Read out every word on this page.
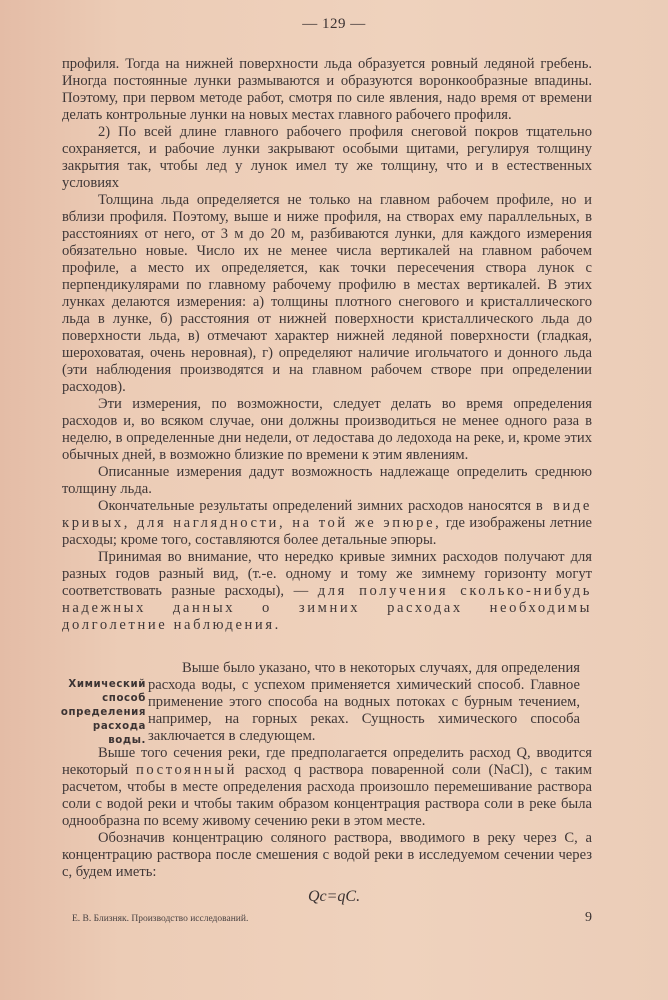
— 129 —

профиля. Тогда на нижней поверхности льда образуется ровный ледяной гребень. Иногда постоянные лунки размываются и образуются воронкообразные впадины. Поэтому, при первом методе работ, смотря по силе явления, надо время от времени делать контрольные лунки на новых местах главного рабочего профиля.

2) По всей длине главного рабочего профиля снеговой покров тщательно сохраняется, и рабочие лунки закрывают особыми щитами, регулируя толщину закрытия так, чтобы лед у лунок имел ту же толщину, что и в естественных условиях

Толщина льда определяется не только на главном рабочем профиле, но и вблизи профиля. Поэтому, выше и ниже профиля, на створах ему параллельных, в расстояниях от него, от 3 м до 20 м, разбиваются лунки, для каждого измерения обязательно новые. Число их не менее числа вертикалей на главном рабочем профиле, а место их определяется, как точки пересечения створа лунок с перпендикулярами по главному рабочему профилю в местах вертикалей. В этих лунках делаются измерения: а) толщины плотного снегового и кристаллического льда в лунке, б) расстояния от нижней поверхности кристаллического льда до поверхности льда, в) отмечают характер нижней ледяной поверхности (гладкая, шероховатая, очень неровная), г) определяют наличие игольчатого и донного льда (эти наблюдения производятся и на главном рабочем створе при определении расходов).

Эти измерения, по возможности, следует делать во время определения расходов и, во всяком случае, они должны производиться не менее одного раза в неделю, в определенные дни недели, от ледостава до ледохода на реке, и, кроме этих обычных дней, в возможно близкие по времени к этим явлениям.

Описанные измерения дадут возможность надлежаще определить среднюю толщину льда.

Окончательные результаты определений зимних расходов наносятся в виде кривых, для наглядности, на той же эпюре, где изображены летние расходы; кроме того, составляются более детальные эпюры.

Принимая во внимание, что нередко кривые зимних расходов получают для разных годов разный вид, (т.-е. одному и тому же зимнему горизонту могут соответствовать разные расходы), — для получения сколько-нибудь надежных данных о зимних расходах необходимы долголетние наблюдения.

Химический способ определения расхода воды.

Выше было указано, что в некоторых случаях, для определения расхода воды, с успехом применяется химический способ. Главное применение этого способа на водных потоках с бурным течением, например, на горных реках. Сущность химического способа заключается в следующем.

Выше того сечения реки, где предполагается определить расход Q, вводится некоторый постоянный расход q раствора поваренной соли (NaCl), с таким расчетом, чтобы в месте определения расхода произошло перемешивание раствора соли с водой реки и чтобы таким образом концентрация раствора соли в реке была однообразна по всему живому сечению реки в этом месте.

Обозначив концентрацию соляного раствора, вводимого в реку через C, а концентрацию раствора после смешения с водой реки в исследуемом сечении через c, будем иметь:

Qc=qC.
Е. В. Близняк. Производство исследований.	9
